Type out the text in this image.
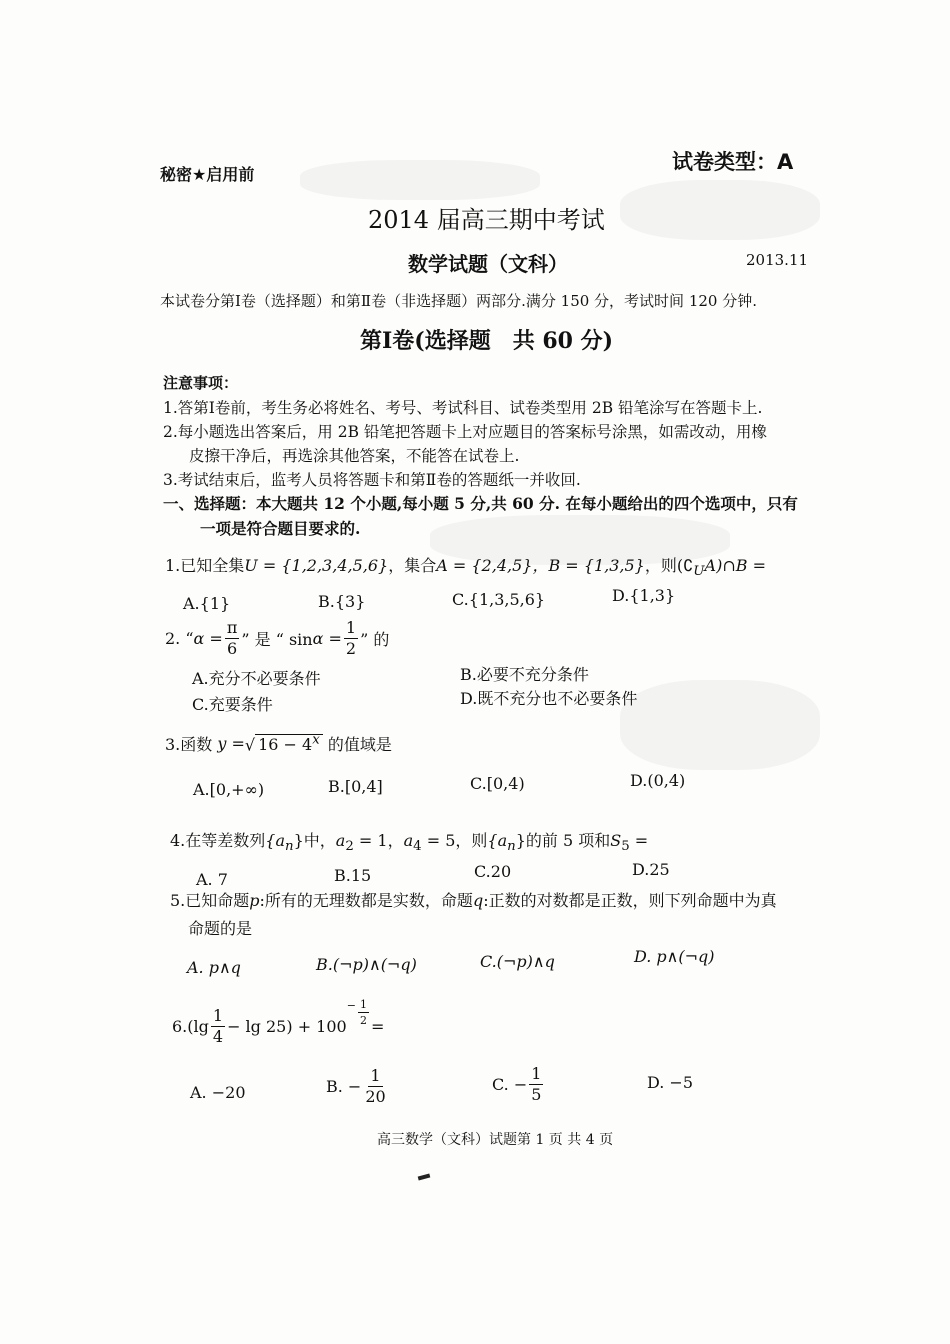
秘密★启用前
试卷类型：A
2014 届高三期中考试
数学试题（文科）	2013.11
本试卷分第Ⅰ卷（选择题）和第Ⅱ卷（非选择题）两部分.满分 150 分，考试时间 120 分钟.
第Ⅰ卷(选择题　共 60 分)
注意事项：
1.答第Ⅰ卷前，考生务必将姓名、考号、考试科目、试卷类型用 2B 铅笔涂写在答题卡上.
2.每小题选出答案后，用 2B 铅笔把答题卡上对应题目的答案标号涂黑，如需改动，用橡
皮擦干净后，再选涂其他答案，不能答在试卷上.
3.考试结束后，监考人员将答题卡和第Ⅱ卷的答题纸一并收回.
一、选择题：本大题共 12 个小题,每小题 5 分,共 60 分. 在每小题给出的四个选项中，只有
一项是符合题目要求的.
1.已知全集U = {1,2,3,4,5,6}，集合A = {2,4,5}，B = {1,3,5}，则$(∁_UA)\cap B$ =
A.{1}	B.{3}	C.{1,3,5,6}	D.{1,3}
2. “ $\alpha = \frac{\pi}{6}$ ” 是 “ $\sin \alpha = \frac{1}{2}$ ” 的
A.充分不必要条件	B.必要不充分条件
C.充要条件	D.既不充分也不必要条件
3.函数
y = √ $16 - 4^x$
的值域是
A.[0,+∞)	B.[0,4]	C.[0,4)	D.(0,4)
4.在等差数列$\{a_n\}$中，$a_2 = 1$，$a_4 = 5$，则$\{a_n\}$的前 5 项和$S_5$ =
A. 7	B.15	C.20	D.25
5.已知命题p:所有的无理数都是实数，命题q:正数的对数都是正数，则下列命题中为真
命题的是
A. p∧q	B.(¬p)∧(¬q)	C.(¬p)∧q	D. p∧(¬q)
$6.(\lg \frac{1}{4} - \lg 25) + 100$
− $\frac{1}{2}$
=
A. −20	B. − $\frac{1}{20}$	C. − $\frac{1}{5}$	D. −5
高三数学（文科）试题第 1 页 共 4 页
